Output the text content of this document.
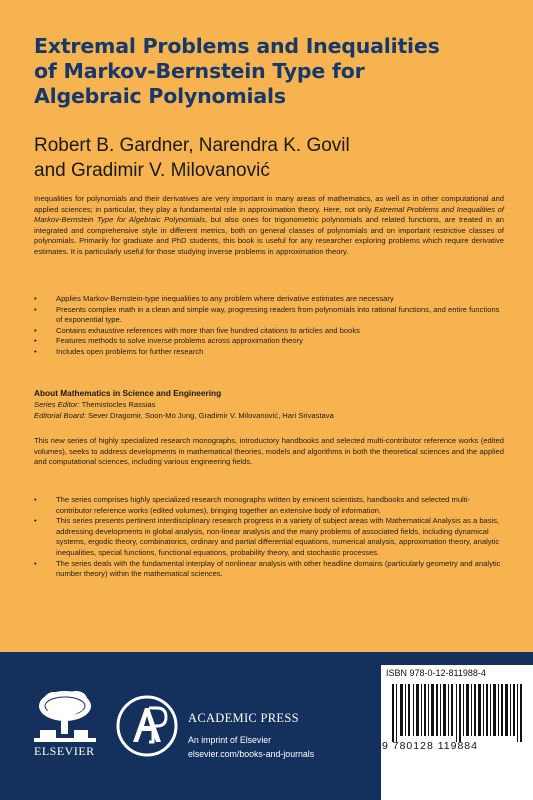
Extremal Problems and Inequalities
of Markov-Bernstein Type for
Algebraic Polynomials
Robert B. Gardner, Narendra K. Govil
and Gradimir V. Milovanović
Inequalities for polynomials and their derivatives are very important in many areas of mathematics, as well as in other computational and applied sciences; in particular, they play a fundamental role in approximation theory. Here, not only Extremal Problems and Inequalities of Markov-Bernstein Type for Algebraic Polynomials, but also ones for trigonometric polynomials and related functions, are treated in an integrated and comprehensive style in different metrics, both on general classes of polynomials and on important restrictive classes of polynomials. Primarily for graduate and PhD students, this book is useful for any researcher exploring problems which require derivative estimates. It is particularly useful for those studying inverse problems in approximation theory.
•	Applies Markov-Bernstein-type inequalities to any problem where derivative estimates are necessary
•	Presents complex math in a clean and simple way, progressing readers from polynomials into rational functions, and entire functions of exponential type.
•	Contains exhaustive references with more than five hundred citations to articles and books
•	Features methods to solve inverse problems across approximation theory
•	Includes open problems for further research
About Mathematics in Science and Engineering
Series Editor: Themistocles Rassias
Editorial Board: Sever Dragomir, Soon-Mo Jung, Gradimir V. Milovanović, Hari Srivastava
This new series of highly specialized research monographs, introductory handbooks and selected multi-contributor reference works (edited volumes), seeks to address developments in mathematical theories, models and algorithms in both the theoretical sciences and the applied and computational sciences, including various engineering fields.
•	The series comprises highly specialized research monographs written by eminent scientists, handbooks and selected multi-contributor reference works (edited volumes), bringing together an extensive body of information.
•	This series presents pertinent interdisciplinary research progress in a variety of subject areas with Mathematical Analysis as a basis, addressing developments in global analysis, non-linear analysis and the many problems of associated fields, including dynamical systems, ergodic theory, combinatorics, ordinary and partial differential equations, numerical analysis, approximation theory, analytic inequalities, special functions, functional equations, probability theory, and stochastic processes.
•	The series deals with the fundamental interplay of nonlinear analysis with other headline domains (particularly geometry and analytic number theory) within the mathematical sciences.
ELSEVIER
ACADEMIC PRESS
An imprint of Elsevier
elsevier.com/books-and-journals
ISBN 978-0-12-811988-4
9 780128 119884
